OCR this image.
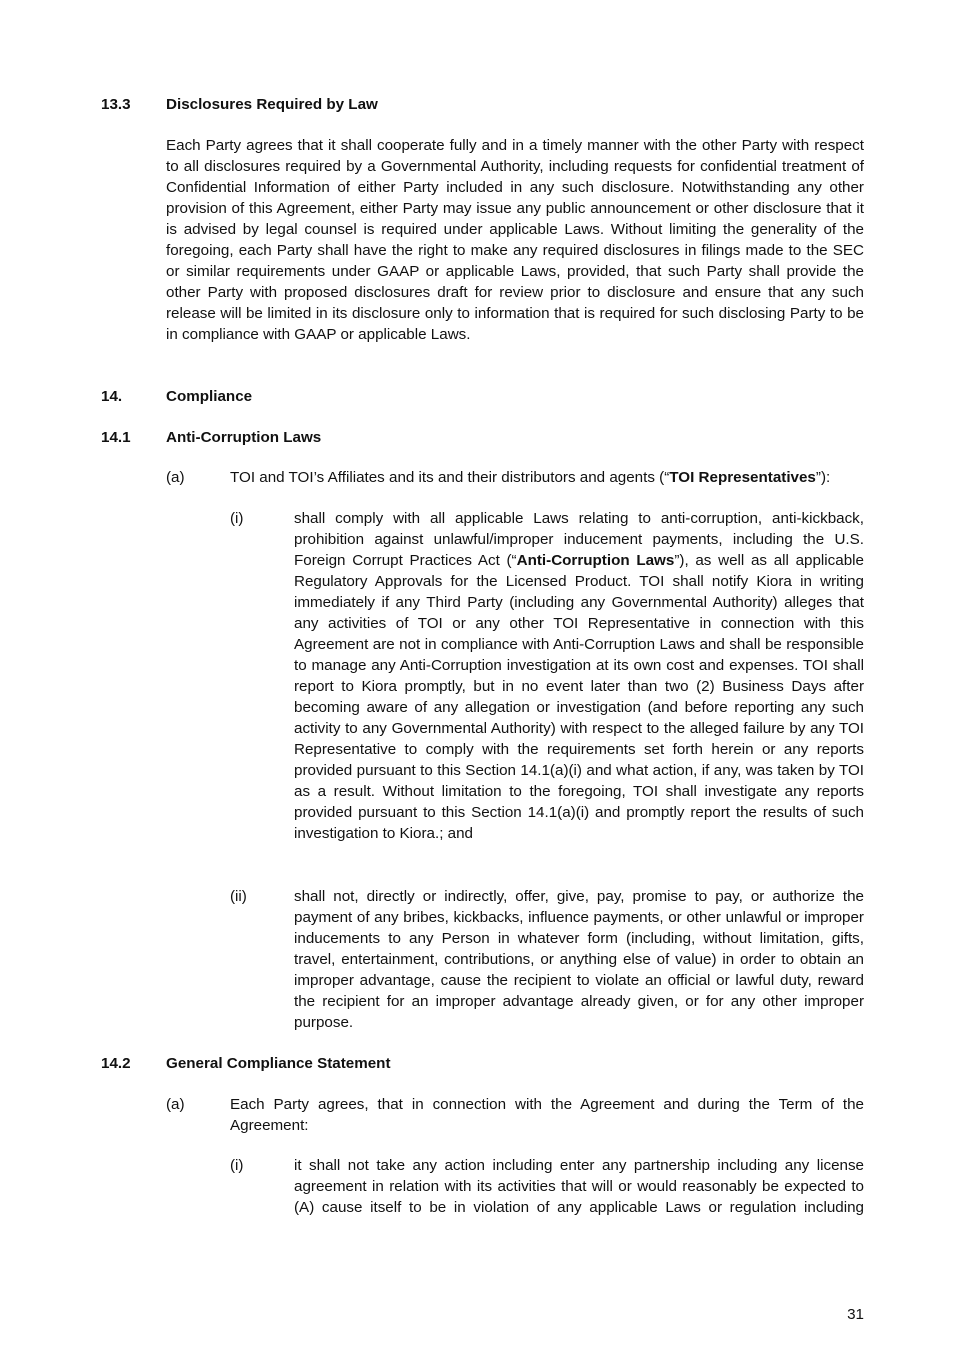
13.3 Disclosures Required by Law

Each Party agrees that it shall cooperate fully and in a timely manner with the other Party with respect to all disclosures required by a Governmental Authority, including requests for confidential treatment of Confidential Information of either Party included in any such disclosure. Notwithstanding any other provision of this Agreement, either Party may issue any public announcement or other disclosure that it is advised by legal counsel is required under applicable Laws. Without limiting the generality of the foregoing, each Party shall have the right to make any required disclosures in filings made to the SEC or similar requirements under GAAP or applicable Laws, provided, that such Party shall provide the other Party with proposed disclosures draft for review prior to disclosure and ensure that any such release will be limited in its disclosure only to information that is required for such disclosing Party to be in compliance with GAAP or applicable Laws.

14.	Compliance
14.1 Anti-Corruption Laws
(a)	TOI and TOI’s Affiliates and its and their distributors and agents (“TOI Representatives”):

(i)	shall comply with all applicable Laws relating to anti-corruption, anti-kickback, prohibition against unlawful/improper inducement payments, including the U.S. Foreign Corrupt Practices Act (“Anti-Corruption Laws”), as well as all applicable Regulatory Approvals for the Licensed Product. TOI shall notify Kiora in writing immediately if any Third Party (including any Governmental Authority) alleges that any activities of TOI or any other TOI Representative in connection with this Agreement are not in compliance with Anti-Corruption Laws and shall be responsible to manage any Anti-Corruption investigation at its own cost and expenses. TOI shall report to Kiora promptly, but in no event later than two (2) Business Days after becoming aware of any allegation or investigation (and before reporting any such activity to any Governmental Authority) with respect to the alleged failure by any TOI Representative to comply with the requirements set forth herein or any reports provided pursuant to this Section 14.1(a)(i) and what action, if any, was taken by TOI as a result. Without limitation to the foregoing, TOI shall investigate any reports provided pursuant to this Section 14.1(a)(i) and promptly report the results of such investigation to Kiora.; and

(ii)	shall not, directly or indirectly, offer, give, pay, promise to pay, or authorize the payment of any bribes, kickbacks, influence payments, or other unlawful or improper inducements to any Person in whatever form (including, without limitation, gifts, travel, entertainment, contributions, or anything else of value) in order to obtain an improper advantage, cause the recipient to violate an official or lawful duty, reward the recipient for an improper advantage already given, or for any other improper purpose.

14.2 General Compliance Statement
(a)	Each Party agrees, that in connection with the Agreement and during the Term of the Agreement:

(i)	it shall not take any action including enter any partnership including any license agreement in relation with its activities that will or would reasonably be expected to (A) cause itself to be in violation of any applicable Laws or regulation including

31
